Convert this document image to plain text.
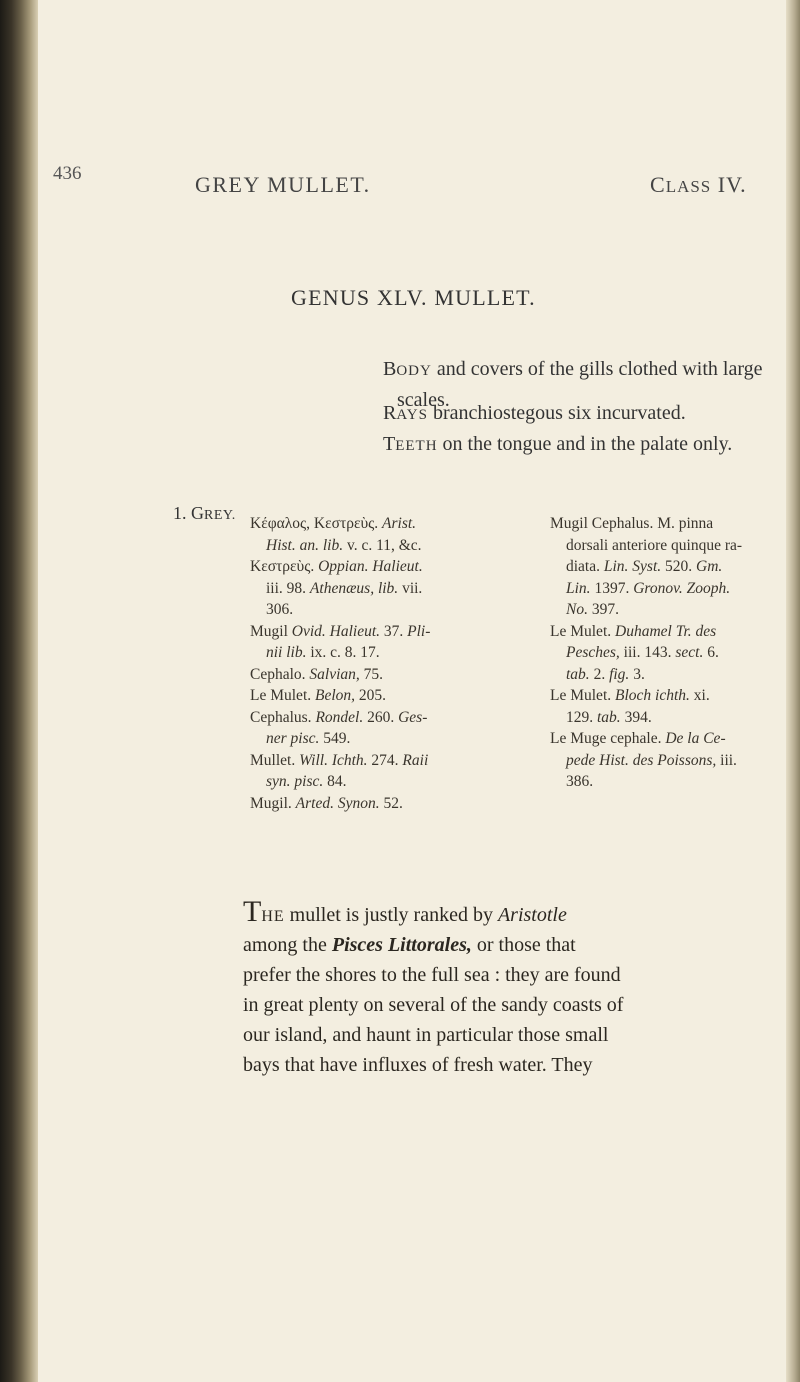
436	GREY MULLET.	CLASS IV.
GENUS XLV. MULLET.
BODY and covers of the gills clothed with large
scales.
RAYS branchiostegous six incurvated.
TEETH on the tongue and in the palate only.
1. GREY. Κέφαλος, Κεστρεὺς. Arist.
Hist. an. lib. v. c. 11, &c.
Κεστρεὺς. Oppian. Halieut.
iii. 98. Athenæus, lib. vii.
306.
Mugil Ovid. Halieut. 37. Pli-
nii lib. ix. c. 8. 17.
Cephalo. Salvian, 75.
Le Mulet. Belon, 205.
Cephalus. Rondel. 260. Ges-
ner pisc. 549.
Mullet. Will. Ichth. 274. Raii
syn. pisc. 84.
Mugil. Arted. Synon. 52.
Mugil Cephalus. M. pinna
dorsali anteriore quinque ra-
diata. Lin. Syst. 520. Gm.
Lin. 1397. Gronov. Zooph.
No. 397.
Le Mulet. Duhamel Tr. des
Pesches, iii. 143. sect. 6.
tab. 2. fig. 3.
Le Mulet. Bloch ichth. xi.
129. tab. 394.
Le Muge cephale. De la Ce-
pede Hist. des Poissons, iii.
386.
THE mullet is justly ranked by Aristotle
among the Pisces Littorales, or those that
prefer the shores to the full sea : they are found
in great plenty on several of the sandy coasts of
our island, and haunt in particular those small
bays that have influxes of fresh water. They
